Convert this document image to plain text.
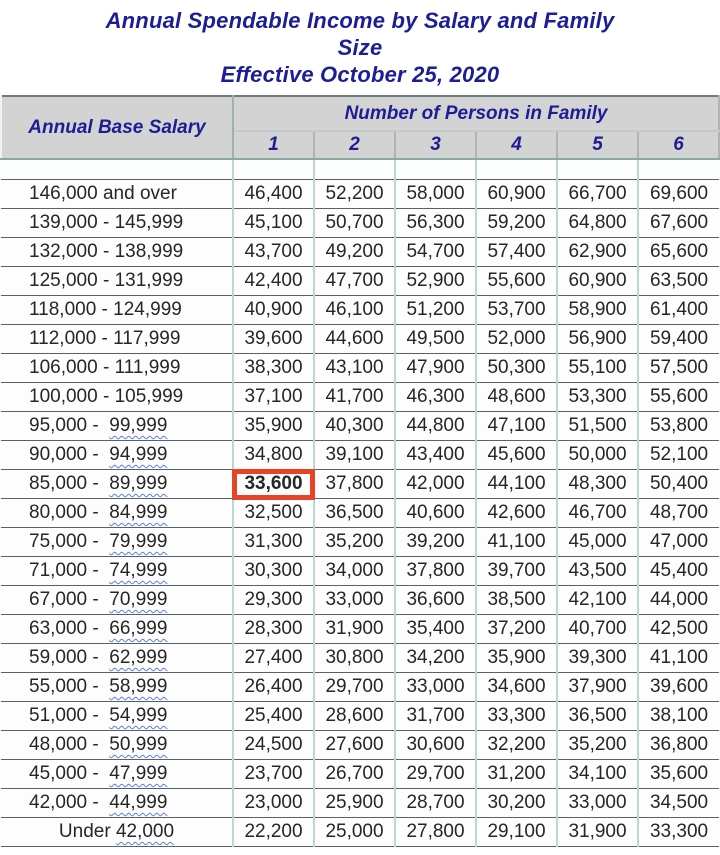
Annual Spendable Income by Salary and Family
Size
Effective October 25, 2020
Annual Base Salary	Number of Persons in Family					
	1	2	3	4	5	6

146,000 and over	46,400	52,200	58,000	60,900	66,700	69,600
139,000 - 145,999	45,100	50,700	56,300	59,200	64,800	67,600
132,000 - 138,999	43,700	49,200	54,700	57,400	62,900	65,600
125,000 - 131,999	42,400	47,700	52,900	55,600	60,900	63,500
118,000 - 124,999	40,900	46,100	51,200	53,700	58,900	61,400
112,000 - 117,999	39,600	44,600	49,500	52,000	56,900	59,400
106,000 - 111,999	38,300	43,100	47,900	50,300	55,100	57,500
100,000 - 105,999	37,100	41,700	46,300	48,600	53,300	55,600
95,000 -  99,999	35,900	40,300	44,800	47,100	51,500	53,800
90,000 -  94,999	34,800	39,100	43,400	45,600	50,000	52,100
85,000 -  89,999	33,600	37,800	42,000	44,100	48,300	50,400
80,000 -  84,999	32,500	36,500	40,600	42,600	46,700	48,700
75,000 -  79,999	31,300	35,200	39,200	41,100	45,000	47,000
71,000 -  74,999	30,300	34,000	37,800	39,700	43,500	45,400
67,000 -  70,999	29,300	33,000	36,600	38,500	42,100	44,000
63,000 -  66,999	28,300	31,900	35,400	37,200	40,700	42,500
59,000 -  62,999	27,400	30,800	34,200	35,900	39,300	41,100
55,000 -  58,999	26,400	29,700	33,000	34,600	37,900	39,600
51,000 -  54,999	25,400	28,600	31,700	33,300	36,500	38,100
48,000 -  50,999	24,500	27,600	30,600	32,200	35,200	36,800
45,000 -  47,999	23,700	26,700	29,700	31,200	34,100	35,600
42,000 -  44,999	23,000	25,900	28,700	30,200	33,000	34,500
Under 42,000	22,200	25,000	27,800	29,100	31,900	33,300
